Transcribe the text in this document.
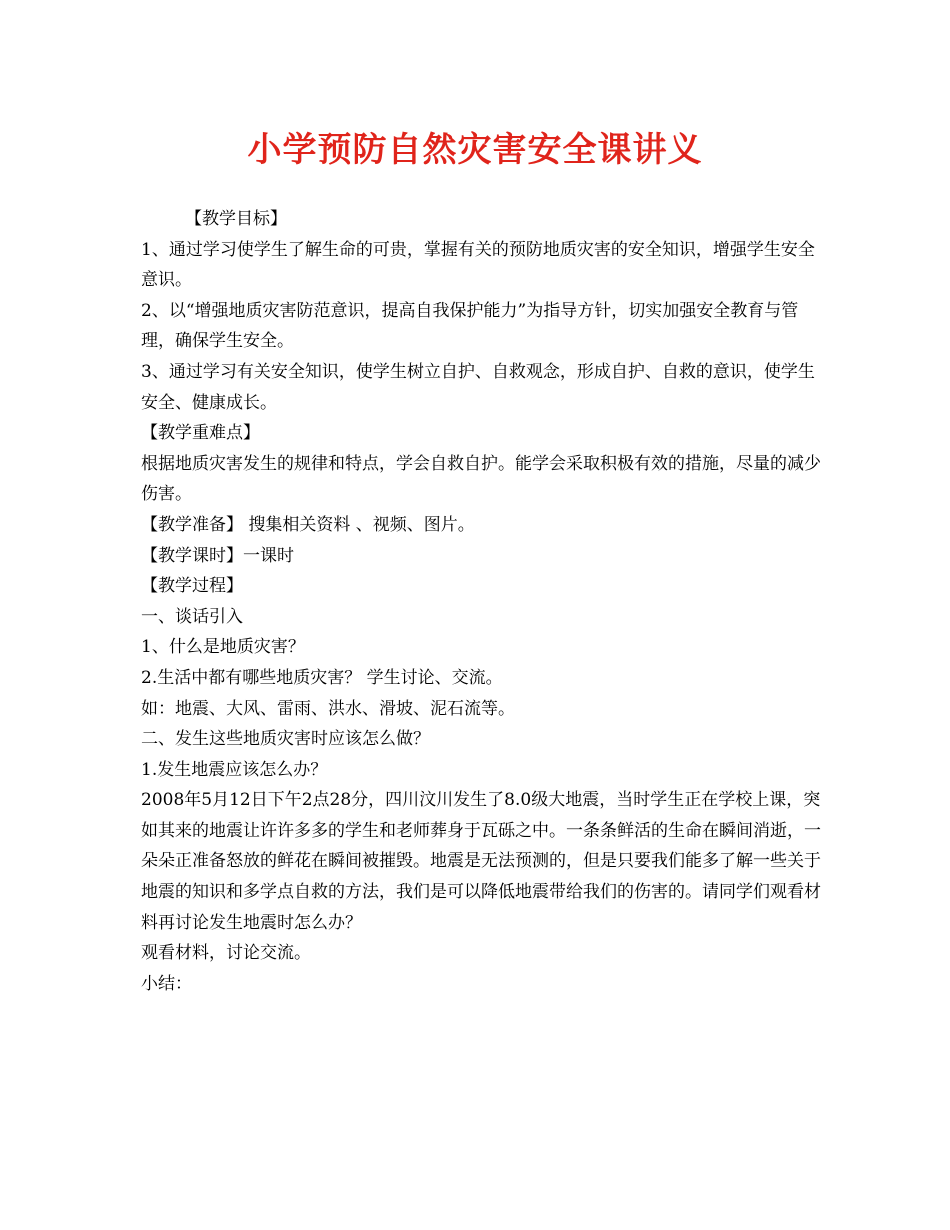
小学预防自然灾害安全课讲义

【教学目标】

1、通过学习使学生了解生命的可贵，掌握有关的预防地质灾害的安全知识，增强学生安全意识。

2、以“增强地质灾害防范意识，提高自我保护能力”为指导方针，切实加强安全教育与管理，确保学生安全。

3、通过学习有关安全知识，使学生树立自护、自救观念，形成自护、自救的意识，使学生安全、健康成长。

【教学重难点】

根据地质灾害发生的规律和特点，学会自救自护。能学会采取积极有效的措施，尽量的减少伤害。

【教学准备】 搜集相关资料 、视频、图片。

【教学课时】一课时

【教学过程】

一、谈话引入

1、什么是地质灾害？

2.生活中都有哪些地质灾害？ 学生讨论、交流。

如：地震、大风、雷雨、洪水、滑坡、泥石流等。

二、发生这些地质灾害时应该怎么做？

1.发生地震应该怎么办？

2008年5月12日下午2点28分，四川汶川发生了8.0级大地震，当时学生正在学校上课，突如其来的地震让许许多多的学生和老师葬身于瓦砾之中。一条条鲜活的生命在瞬间消逝，一朵朵正准备怒放的鲜花在瞬间被摧毁。地震是无法预测的，但是只要我们能多了解一些关于地震的知识和多学点自救的方法，我们是可以降低地震带给我们的伤害的。请同学们观看材料再讨论发生地震时怎么办？

观看材料，讨论交流。

小结：
